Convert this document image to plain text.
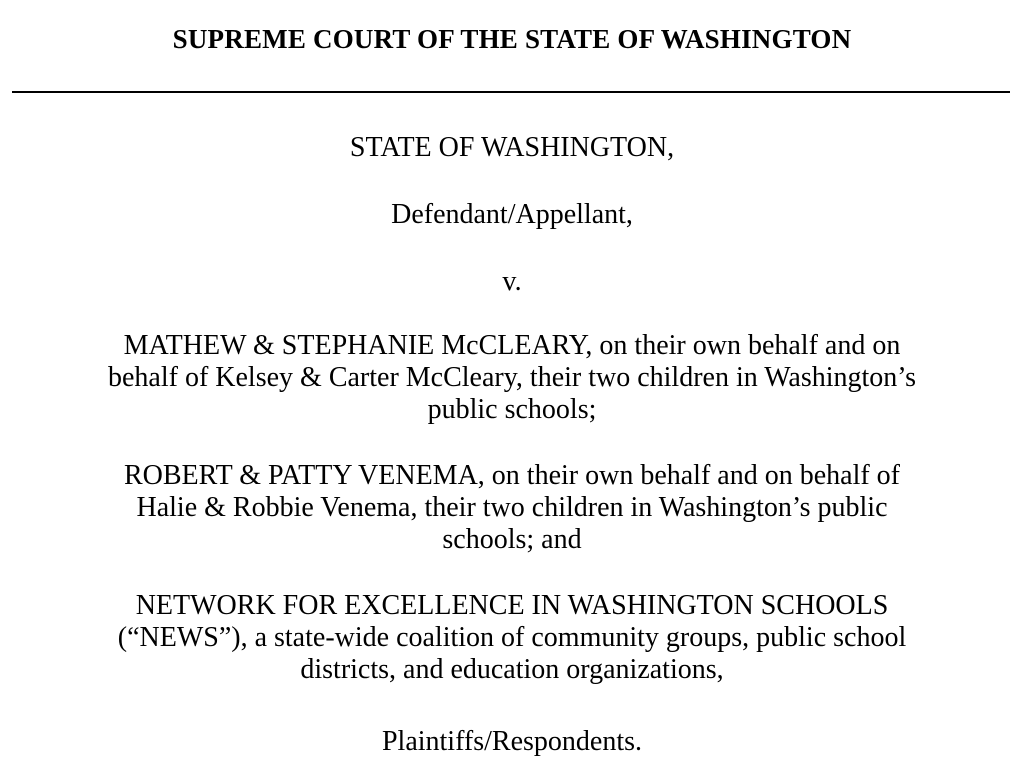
SUPREME COURT OF THE STATE OF WASHINGTON
STATE OF WASHINGTON,
Defendant/Appellant,
v.
MATHEW & STEPHANIE McCLEARY, on their own behalf and on
behalf of Kelsey & Carter McCleary, their two children in Washington’s
public schools;
ROBERT & PATTY VENEMA, on their own behalf and on behalf of
Halie & Robbie Venema, their two children in Washington’s public
schools; and
NETWORK FOR EXCELLENCE IN WASHINGTON SCHOOLS
(“NEWS”), a state-wide coalition of community groups, public school
districts, and education organizations,
Plaintiffs/Respondents.
